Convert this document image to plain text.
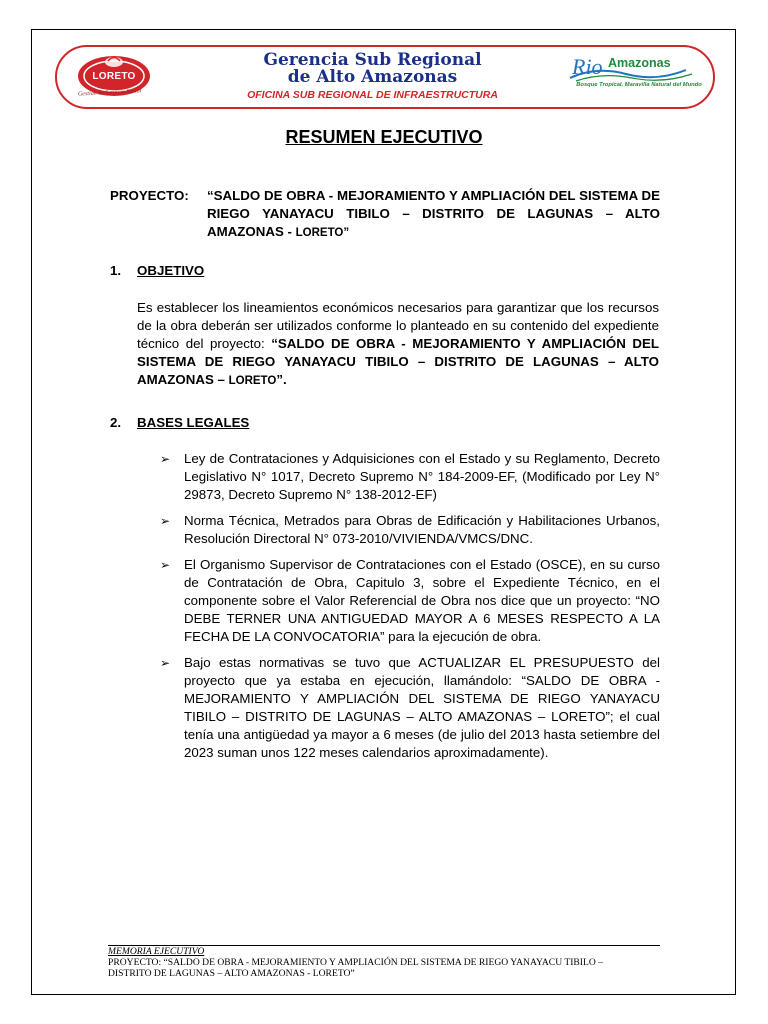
LORETO
Gestión de Servicio Social
Gerencia Sub Regional
de Alto Amazonas
OFICINA SUB REGIONAL DE INFRAESTRUCTURA
Rio Amazonas
Bosque Tropical, Maravilla Natural del Mundo
RESUMEN EJECUTIVO
PROYECTO: “SALDO DE OBRA - MEJORAMIENTO Y AMPLIACIÓN DEL SISTEMA DE RIEGO YANAYACU TIBILO – DISTRITO DE LAGUNAS – ALTO AMAZONAS - LORETO”
1. OBJETIVO
Es establecer los lineamientos económicos necesarios para garantizar que los recursos de la obra deberán ser utilizados conforme lo planteado en su contenido del expediente técnico del proyecto: “SALDO DE OBRA - MEJORAMIENTO Y AMPLIACIÓN DEL SISTEMA DE RIEGO YANAYACU TIBILO – DISTRITO DE LAGUNAS – ALTO AMAZONAS – LORETO”.
2. BASES LEGALES
➢ Ley de Contrataciones y Adquisiciones con el Estado y su Reglamento, Decreto Legislativo N° 1017, Decreto Supremo N° 184-2009-EF, (Modificado por Ley N° 29873, Decreto Supremo N° 138-2012-EF)
➢ Norma Técnica, Metrados para Obras de Edificación y Habilitaciones Urbanos, Resolución Directoral N° 073-2010/VIVIENDA/VMCS/DNC.
➢ El Organismo Supervisor de Contrataciones con el Estado (OSCE), en su curso de Contratación de Obra, Capitulo 3, sobre el Expediente Técnico, en el componente sobre el Valor Referencial de Obra nos dice que un proyecto: “NO DEBE TERNER UNA ANTIGUEDAD MAYOR A 6 MESES RESPECTO A LA FECHA DE LA CONVOCATORIA” para la ejecución de obra.
➢ Bajo estas normativas se tuvo que ACTUALIZAR EL PRESUPUESTO del proyecto que ya estaba en ejecución, llamándolo: “SALDO DE OBRA - MEJORAMIENTO Y AMPLIACIÓN DEL SISTEMA DE RIEGO YANAYACU TIBILO – DISTRITO DE LAGUNAS – ALTO AMAZONAS – LORETO”; el cual tenía una antigüedad ya mayor a 6 meses (de julio del 2013 hasta setiembre del 2023 suman unos 122 meses calendarios aproximadamente).
MEMORIA EJECUTIVO
PROYECTO: “SALDO DE OBRA - MEJORAMIENTO Y AMPLIACIÓN DEL SISTEMA DE RIEGO YANAYACU TIBILO –
DISTRITO DE LAGUNAS – ALTO AMAZONAS - LORETO”
